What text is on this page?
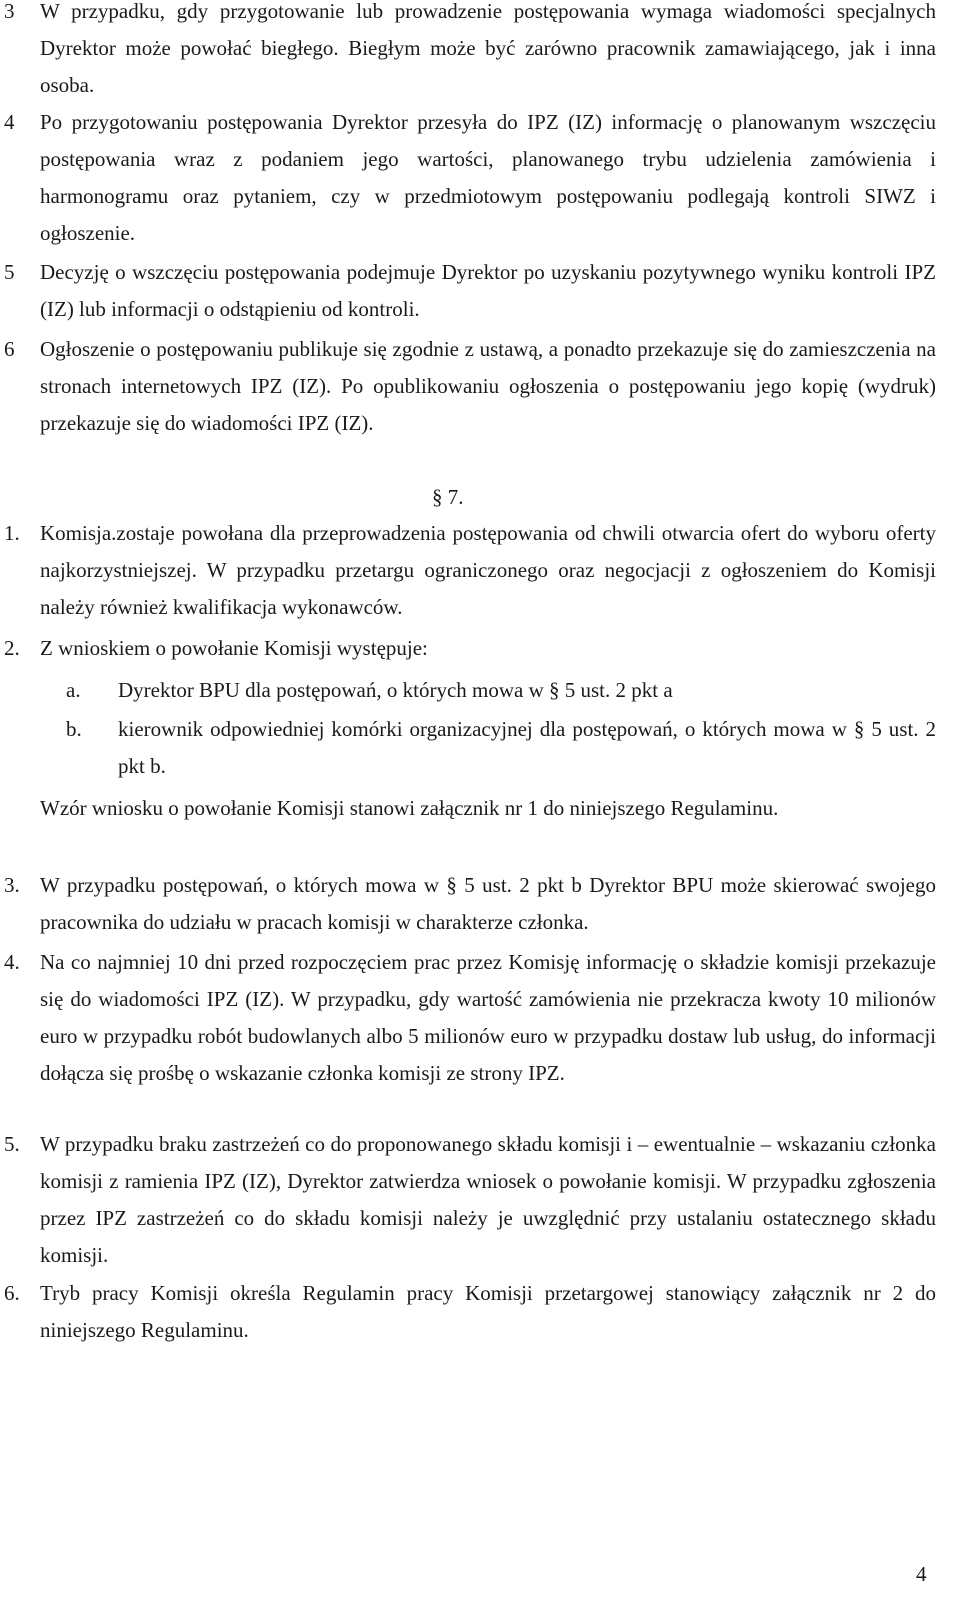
3 W przypadku, gdy przygotowanie lub prowadzenie postępowania wymaga wiadomości specjalnych Dyrektor może powołać biegłego. Biegłym może być zarówno pracownik zamawiającego, jak i inna osoba.

4 Po przygotowaniu postępowania Dyrektor przesyła do IPZ (IZ) informację o planowanym wszczęciu postępowania wraz z podaniem jego wartości, planowanego trybu udzielenia zamówienia i harmonogramu oraz pytaniem, czy w przedmiotowym postępowaniu podlegają kontroli SIWZ i ogłoszenie.

5 Decyzję o wszczęciu postępowania podejmuje Dyrektor po uzyskaniu pozytywnego wyniku kontroli IPZ (IZ) lub informacji o odstąpieniu od kontroli.

6 Ogłoszenie o postępowaniu publikuje się zgodnie z ustawą, a ponadto przekazuje się do zamieszczenia na stronach internetowych IPZ (IZ). Po opublikowaniu ogłoszenia o postępowaniu jego kopię (wydruk) przekazuje się do wiadomości IPZ (IZ).

§ 7.
1. Komisja.zostaje powołana dla przeprowadzenia postępowania od chwili otwarcia ofert do wyboru oferty najkorzystniejszej. W przypadku przetargu ograniczonego oraz negocjacji z ogłoszeniem do Komisji należy również kwalifikacja wykonawców.

2. Z wnioskiem o powołanie Komisji występuje:

a. Dyrektor BPU dla postępowań, o których mowa w § 5 ust. 2 pkt a
b. kierownik odpowiedniej komórki organizacyjnej dla postępowań, o których mowa w § 5 ust. 2 pkt b.

Wzór wniosku o powołanie Komisji stanowi załącznik nr 1 do niniejszego Regulaminu.

3. W przypadku postępowań, o których mowa w § 5 ust. 2 pkt b Dyrektor BPU może skierować swojego pracownika do udziału w pracach komisji w charakterze członka.

4. Na co najmniej 10 dni przed rozpoczęciem prac przez Komisję informację o składzie komisji przekazuje się do wiadomości IPZ (IZ). W przypadku, gdy wartość zamówienia nie przekracza kwoty 10 milionów euro w przypadku robót budowlanych albo 5 milionów euro w przypadku dostaw lub usług, do informacji dołącza się prośbę o wskazanie członka komisji ze strony IPZ.

5. W przypadku braku zastrzeżeń co do proponowanego składu komisji i – ewentualnie – wskazaniu członka komisji z ramienia IPZ (IZ), Dyrektor zatwierdza wniosek o powołanie komisji. W przypadku zgłoszenia przez IPZ zastrzeżeń co do składu komisji należy je uwzględnić przy ustalaniu ostatecznego składu komisji.

6. Tryb pracy Komisji określa Regulamin pracy Komisji przetargowej stanowiący załącznik nr 2 do niniejszego Regulaminu.

4
